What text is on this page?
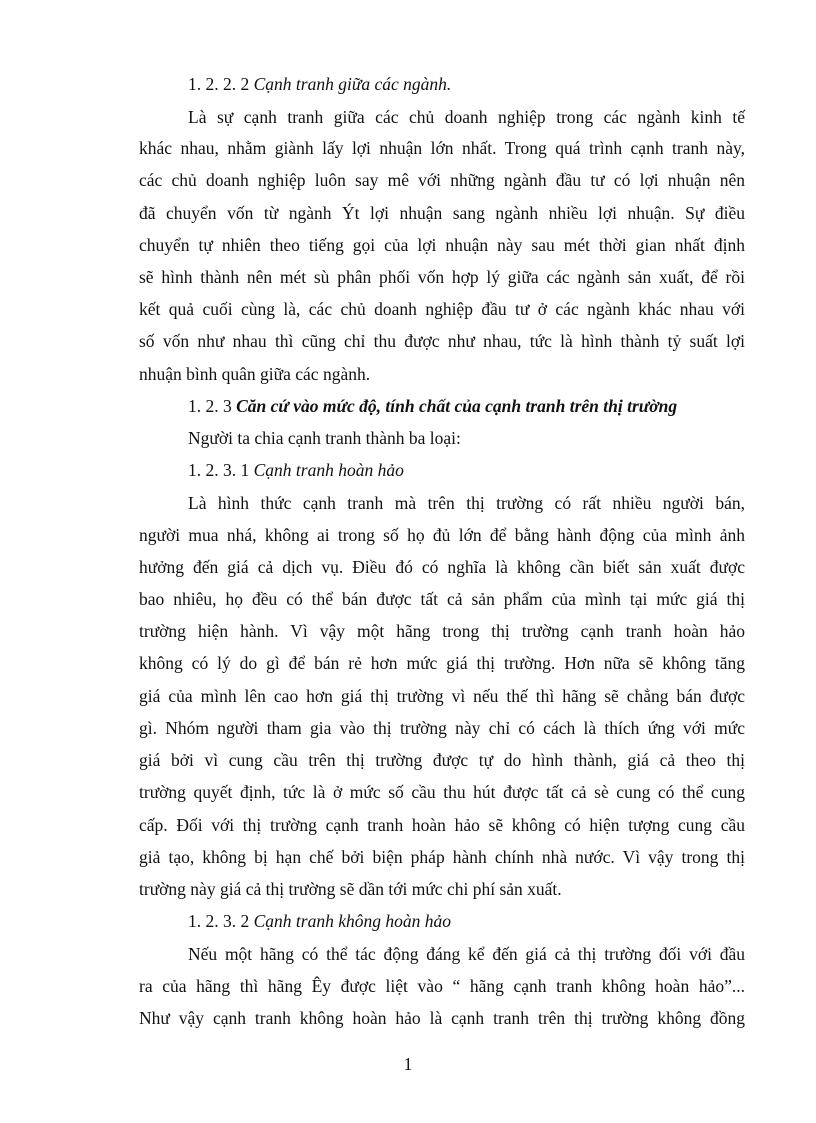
1. 2. 2. 2 Cạnh tranh giữa các ngành.
Là sự cạnh tranh giữa các chủ doanh nghiệp trong các ngành kinh tế
khác nhau, nhằm giành lấy lợi nhuận lớn nhất. Trong quá trình cạnh tranh này,
các chủ doanh nghiệp luôn say mê với những ngành đầu tư có lợi nhuận nên
đã chuyển vốn từ ngành Ýt lợi nhuận sang ngành nhiều lợi nhuận. Sự điều
chuyển tự nhiên theo tiếng gọi của lợi nhuận này sau mét thời gian nhất định
sẽ hình thành nên mét sù phân phối vốn hợp lý giữa các ngành sản xuất, để rồi
kết quả cuối cùng là, các chủ doanh nghiệp đầu tư ở các ngành khác nhau với
số vốn như nhau thì cũng chỉ thu được như nhau, tức là hình thành tỷ suất lợi
nhuận bình quân giữa các ngành.
1. 2. 3 Căn cứ vào mức độ, tính chất của cạnh tranh trên thị trường
Người ta chia cạnh tranh thành ba loại:
1. 2. 3. 1 Cạnh tranh hoàn hảo
Là hình thức cạnh tranh mà trên thị trường có rất nhiều người bán,
người mua nhá, không ai trong số họ đủ lớn để bằng hành động của mình ảnh
hưởng đến giá cả dịch vụ. Điều đó có nghĩa là không cần biết sản xuất được
bao nhiêu, họ đều có thể bán được tất cả sản phẩm của mình tại mức giá thị
trường hiện hành. Vì vậy một hãng trong thị trường cạnh tranh hoàn hảo
không có lý do gì để bán rẻ hơn mức giá thị trường. Hơn nữa sẽ không tăng
giá của mình lên cao hơn giá thị trường vì nếu thế thì hãng sẽ chẳng bán được
gì. Nhóm người tham gia vào thị trường này chỉ có cách là thích ứng với mức
giá bởi vì cung cầu trên thị trường được tự do hình thành, giá cả theo thị
trường quyết định, tức là ở mức số cầu thu hút được tất cả sè cung có thể cung
cấp. Đối với thị trường cạnh tranh hoàn hảo sẽ không có hiện tượng cung cầu
giả tạo, không bị hạn chế bởi biện pháp hành chính nhà nước. Vì vậy trong thị
trường này giá cả thị trường sẽ dần tới mức chi phí sản xuất.
1. 2. 3. 2 Cạnh tranh không hoàn hảo
Nếu một hãng có thể tác động đáng kể đến giá cả thị trường đối với đầu
ra của hãng thì hãng Êy được liệt vào “ hãng cạnh tranh không hoàn hảo”...
Như vậy cạnh tranh không hoàn hảo là cạnh tranh trên thị trường không đồng
1
